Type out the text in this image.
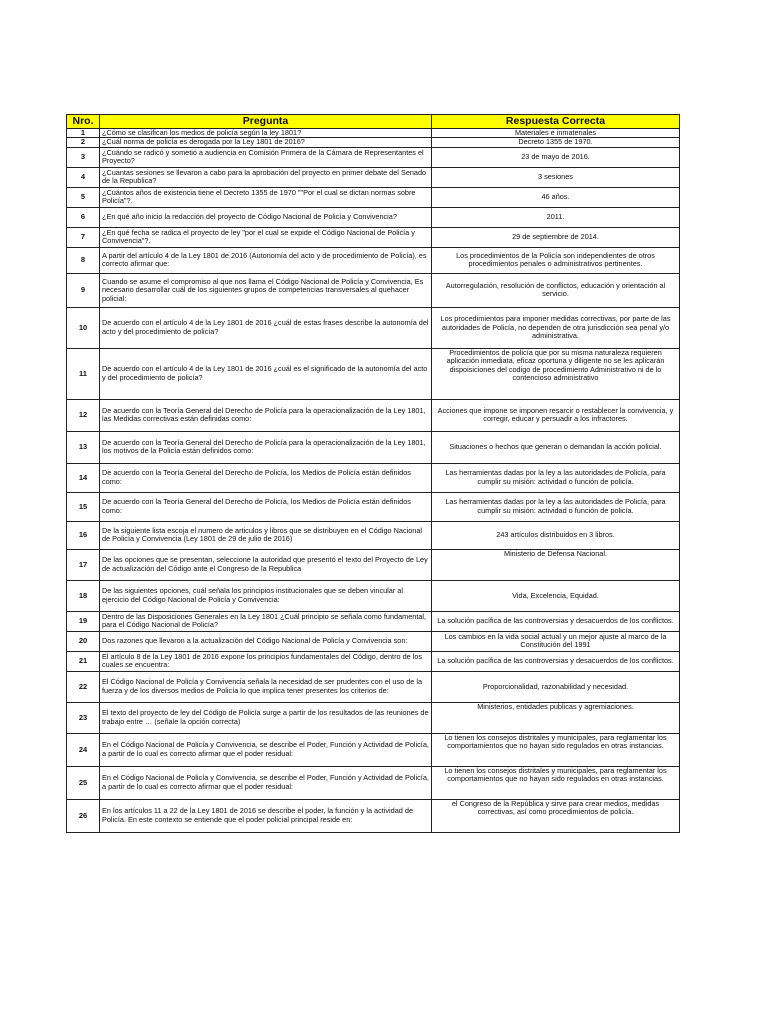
Nro.	Pregunta	Respuesta Correcta
1	¿Cómo se clasifican los medios de policía según la ley 1801?	Materiales e inmateriales
2	¿Cuál norma de policía es derogada por la Ley 1801 de 2016?	Decreto 1355 de 1970.
3	¿Cuándo se radicó y sometió a audiencia en Comisión Primera de la Cámara de Representantes el Proyecto?	23 de mayo de 2016.
4	¿Cuantas sesiones se llevaron a cabo para la aprobación del proyecto en primer debate del Senado de la Republica?	3 sesiones
5	¿Cuántos años de existencia tiene el Decreto 1355 de 1970 ""Por el cual se dictan normas sobre Policía"?.	46 años.
6	¿En qué año inicio la redacción del proyecto de Código Nacional de Policía y Convivencia?	2011.
7	¿En qué fecha se radica el proyecto de ley "por el cual se expide el Código Nacional de Policía y Convivencia"?.	29 de septiembre de 2014.
8	A partir del artículo 4 de la Ley 1801 de 2016 (Autonomía del acto y de procedimiento de Policía), es correcto afirmar que:	Los procedimientos de la Policía son independientes de otros procedimientos penales o administrativos pertinentes.
9	Cuando se asume el compromiso al que nos llama el Código Nacional de Policía y Convivencia, Es necesario desarrollar cuál de los siguientes grupos de competencias transversales al quehacer policial:	Autorregulación, resolución de conflictos, educación y orientación al servicio.
10	De acuerdo con el artículo 4 de la Ley 1801 de 2016 ¿cuál de estas frases describe la autonomía del acto y del procedimiento de policía?	Los procedimientos para imponer medidas correctivas, por parte de las autoridades de Policía, no dependen de otra jurisdicción sea penal y/o administrativa.
11	De acuerdo con el artículo 4 de la Ley 1801 de 2016 ¿cuál es el significado de la autonomía del acto y del procedimiento de policía?	Procedimientos de policía que por su misma naturaleza requieren aplicación inmediata, eficaz oportuna y diligente no se les aplicarán dispoisiciones del codigo de procedimiento Administrativo ni de lo contencioso administrativo
12	De acuerdo con la Teoría General del Derecho de Policía para la operacionalización de la Ley 1801, las Medidas correctivas están definidas como:	Acciones que impone se imponen resarcir o restablecer la convivencia, y corregir, educar y persuadir a los infractores.
13	De acuerdo con la Teoría General del Derecho de Policía para la operacionalización de la Ley 1801, los motivos de la Policía están definidos como:	Situaciones o hechos que generan o demandan la acción policial.
14	De acuerdo con la Teoría General del Derecho de Policía, los Medios de Policía están definidos como:	Las herramientas dadas por la ley a las autoridades de Policía, para cumplir su misión: actividad o función de policía.
15	De acuerdo con la Teoría General del Derecho de Policía, los Medios de Policía están definidos como:	Las herramientas dadas por la ley a las autoridades de Policía, para cumplir su misión: actividad o función de policía.
16	De la siguiente lista escoja el numero de articulos y libros que se distribuyen en el Código Nacional de Policía y Convivencia (Ley 1801 de 29 de julio de 2016)	243 artículos distribuidos en 3 libros.
17	De las opciones que se presentan, seleccione la autoridad que presentó el texto del Proyecto de Ley de actualización del Código ante el Congreso de la Republica	Ministerio de Defensa Nacional.
18	De las siguientes opciones, cuál señala los principios institucionales que se deben vincular al ejercicio del Código Nacional de Policía y Convivencia:	Vida, Excelencia, Equidad.
19	Dentro de las Disposiciones Generales en la Ley 1801 ¿Cuál principio se señala como fundamental, para el Código Nacional de Policía?	La solución pacífica de las controversias y desacuerdos de los conflictos.
20	Dos razones que llevaron a la actualización del Código Nacional de Policía y Convivencia son:	Los cambios en la vida social actual y un mejor ajuste al marco de la Constitución del 1991
21	El artículo 8 de la Ley 1801 de 2016 expone los principios fundamentales del Código, dentro de los cuales se encuentra:	La solución pacífica de las controversias y desacuerdos de los conflictos.
22	El Código Nacional de Policía y Convivencia señala la necesidad de ser prudentes con el uso de la fuerza y de los diversos medios de Policía lo que implica tener presentes los criterios de:	Proporcionalidad, razonabilidad y necesidad.
23	El texto del proyecto de ley del Código de Policía surge a partir de los resultados de las reuniones de trabajo entre … (señale la opción correcta)	Ministerios, entidades publicas y agremiaciones.
24	En el Código Nacional de Policía y Convivencia, se describe el Poder, Función y Actividad de Policía, a partir de lo cual es correcto afirmar que el poder residual:	Lo tienen los consejos distritales y municipales, para reglamentar los comportamientos que no hayan sido regulados en otras instancias.
25	En el Código Nacional de Policía y Convivencia, se describe el Poder, Función y Actividad de Policía, a partir de lo cual es correcto afirmar que el poder residual:	Lo tienen los consejos distritales y municipales, para reglamentar los comportamientos que no hayan sido regulados en otras instancias.
26	En los artículos 11 a 22 de la Ley 1801 de 2016 se describe el poder, la función y la actividad de Policía. En este contexto se entiende que el poder policial principal reside en:	el Congreso de la República y sirve para crear medios, medidas correctivas, así como procedimientos de policía.
